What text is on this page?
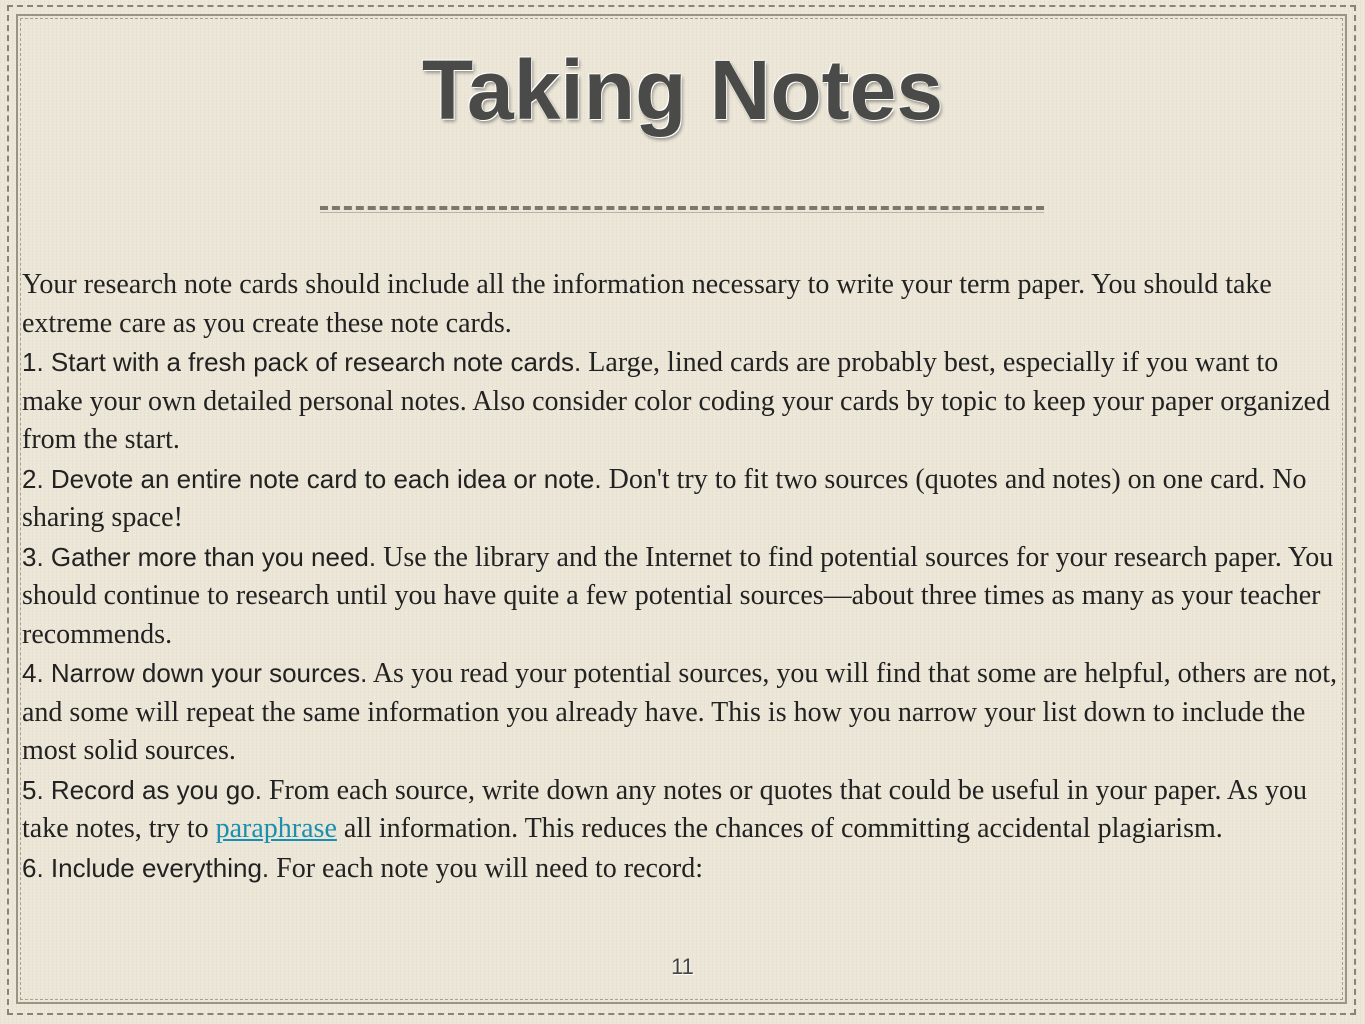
Taking Notes

Your research note cards should include all the information necessary to write your term paper. You should take extreme care as you create these note cards.

1. Start with a fresh pack of research note cards. Large, lined cards are probably best, especially if you want to make your own detailed personal notes. Also consider color coding your cards by topic to keep your paper organized from the start.

2. Devote an entire note card to each idea or note. Don't try to fit two sources (quotes and notes) on one card. No sharing space!

3. Gather more than you need. Use the library and the Internet to find potential sources for your research paper. You should continue to research until you have quite a few potential sources—about three times as many as your teacher recommends.

4. Narrow down your sources. As you read your potential sources, you will find that some are helpful, others are not, and some will repeat the same information you already have. This is how you narrow your list down to include the most solid sources.

5. Record as you go. From each source, write down any notes or quotes that could be useful in your paper. As you take notes, try to paraphrase all information. This reduces the chances of committing accidental plagiarism.

6. Include everything. For each note you will need to record:

11
